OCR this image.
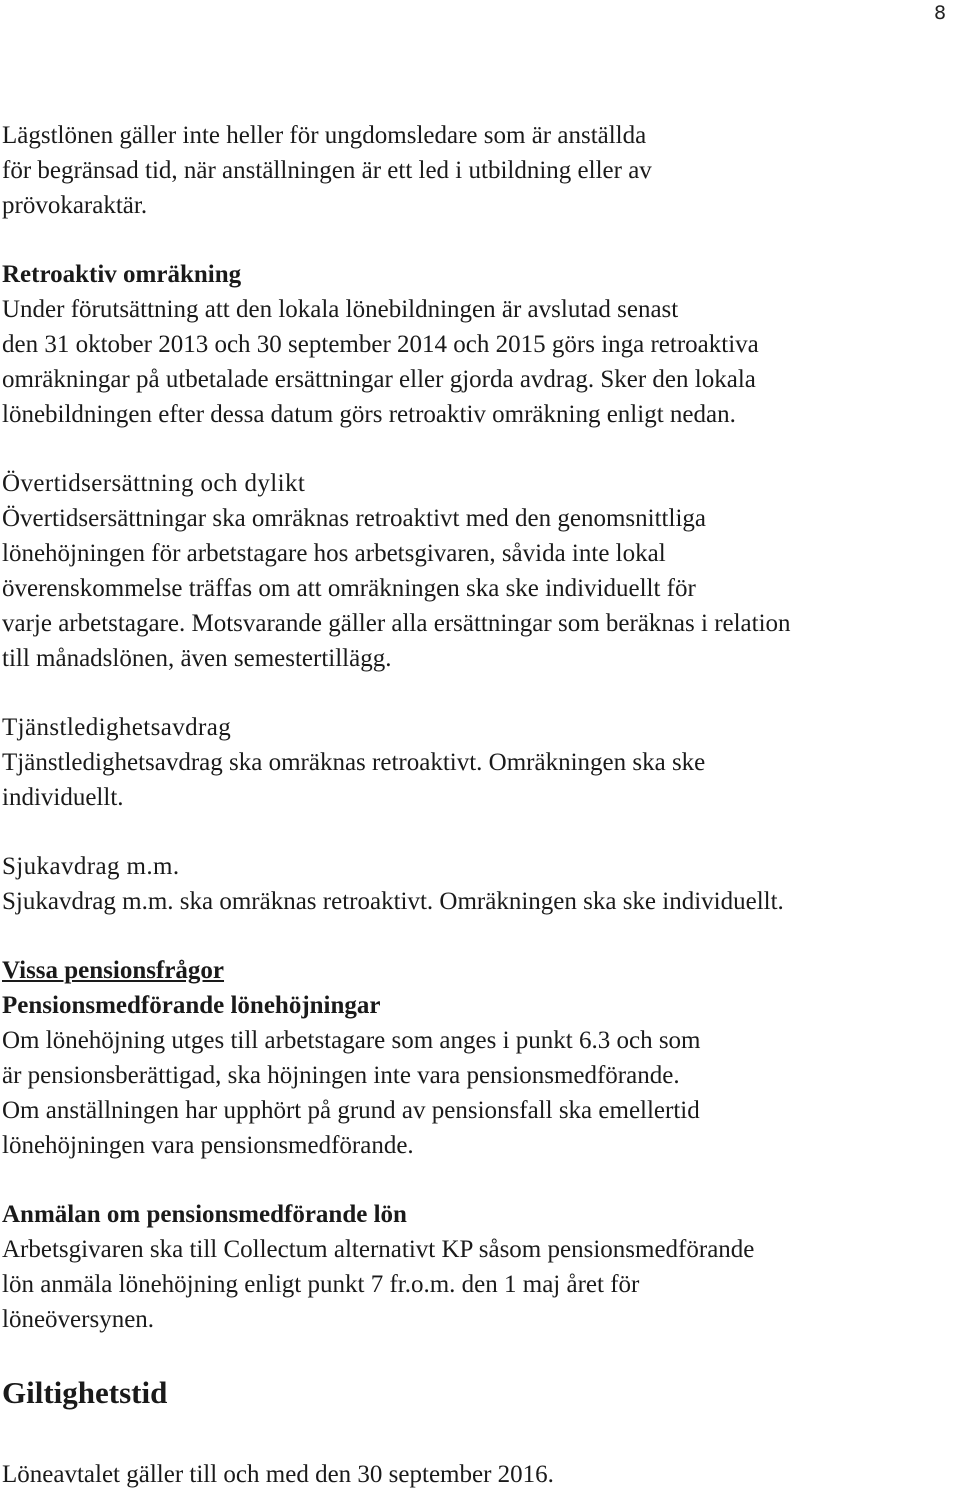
8
Lägstlönen gäller inte heller för ungdomsledare som är anställda
för begränsad tid, när anställningen är ett led i utbildning eller av
prövokaraktär.
Retroaktiv omräkning
Under förutsättning att den lokala lönebildningen är avslutad senast
den 31 oktober 2013 och 30 september 2014 och 2015 görs inga retroaktiva
omräkningar på utbetalade ersättningar eller gjorda avdrag. Sker den lokala
lönebildningen efter dessa datum görs retroaktiv omräkning enligt nedan.
Övertidsersättning och dylikt
Övertidsersättningar ska omräknas retroaktivt med den genomsnittliga
lönehöjningen för arbetstagare hos arbetsgivaren, såvida inte lokal
överenskommelse träffas om att omräkningen ska ske individuellt för
varje arbetstagare. Motsvarande gäller alla ersättningar som beräknas i relation
till månadslönen, även semestertillägg.
Tjänstledighetsavdrag
Tjänstledighetsavdrag ska omräknas retroaktivt. Omräkningen ska ske
individuellt.
Sjukavdrag m.m.
Sjukavdrag m.m. ska omräknas retroaktivt. Omräkningen ska ske individuellt.
Vissa pensionsfrågor
Pensionsmedförande lönehöjningar
Om lönehöjning utges till arbetstagare som anges i punkt 6.3 och som
är pensionsberättigad, ska höjningen inte vara pensionsmedförande.
Om anställningen har upphört på grund av pensionsfall ska emellertid
lönehöjningen vara pensionsmedförande.
Anmälan om pensionsmedförande lön
Arbetsgivaren ska till Collectum alternativt KP såsom pensionsmedförande
lön anmäla lönehöjning enligt punkt 7 fr.o.m. den 1 maj året för
löneöversynen.
Giltighetstid
Löneavtalet gäller till och med den 30 september 2016.
